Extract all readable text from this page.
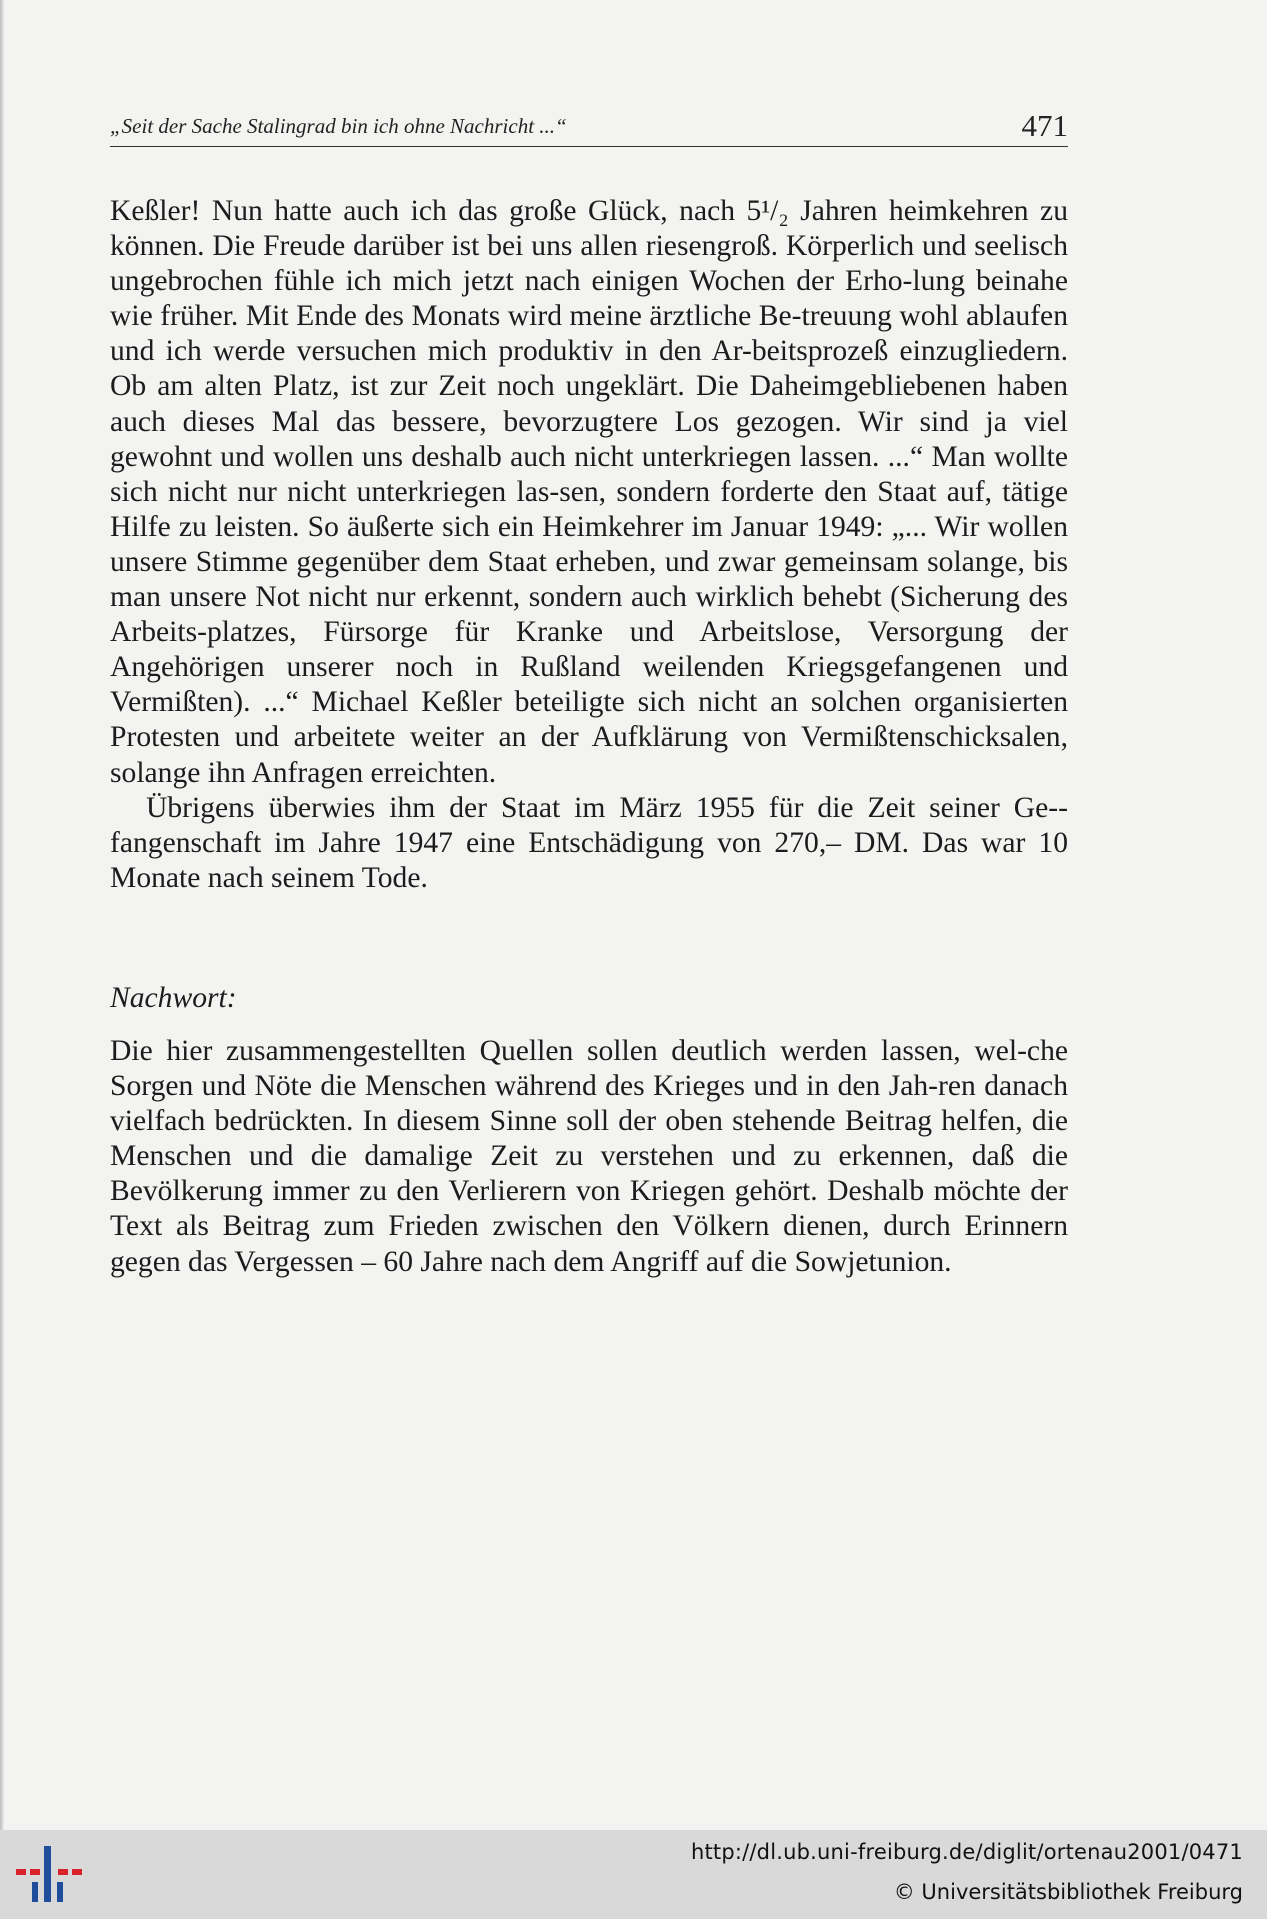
„Seit der Sache Stalingrad bin ich ohne Nachricht ...“	471

Keßler! Nun hatte auch ich das große Glück, nach 5¹/₂ Jahren heimkehren zu können. Die Freude darüber ist bei uns allen riesengroß. Körperlich und seelisch ungebrochen fühle ich mich jetzt nach einigen Wochen der Erho-lung beinahe wie früher. Mit Ende des Monats wird meine ärztliche Be-treuung wohl ablaufen und ich werde versuchen mich produktiv in den Ar-beitsprozeß einzugliedern. Ob am alten Platz, ist zur Zeit noch ungeklärt. Die Daheimgebliebenen haben auch dieses Mal das bessere, bevorzugtere Los gezogen. Wir sind ja viel gewohnt und wollen uns deshalb auch nicht unterkriegen lassen. ...“ Man wollte sich nicht nur nicht unterkriegen las-sen, sondern forderte den Staat auf, tätige Hilfe zu leisten. So äußerte sich ein Heimkehrer im Januar 1949: „... Wir wollen unsere Stimme gegenüber dem Staat erheben, und zwar gemeinsam solange, bis man unsere Not nicht nur erkennt, sondern auch wirklich behebt (Sicherung des Arbeits-platzes, Fürsorge für Kranke und Arbeitslose, Versorgung der Angehörigen unserer noch in Rußland weilenden Kriegsgefangenen und Vermißten). ...“ Michael Keßler beteiligte sich nicht an solchen organisierten Protesten und arbeitete weiter an der Aufklärung von Vermißtenschicksalen, solange ihn Anfragen erreichten.

Übrigens überwies ihm der Staat im März 1955 für die Zeit seiner Ge-fangenschaft im Jahre 1947 eine Entschädigung von 270,– DM. Das war 10 Monate nach seinem Tode.

Nachwort:

Die hier zusammengestellten Quellen sollen deutlich werden lassen, wel-che Sorgen und Nöte die Menschen während des Krieges und in den Jah-ren danach vielfach bedrückten. In diesem Sinne soll der oben stehende Beitrag helfen, die Menschen und die damalige Zeit zu verstehen und zu erkennen, daß die Bevölkerung immer zu den Verlierern von Kriegen gehört. Deshalb möchte der Text als Beitrag zum Frieden zwischen den Völkern dienen, durch Erinnern gegen das Vergessen – 60 Jahre nach dem Angriff auf die Sowjetunion.

http://dl.ub.uni-freiburg.de/diglit/ortenau2001/0471
© Universitätsbibliothek Freiburg
